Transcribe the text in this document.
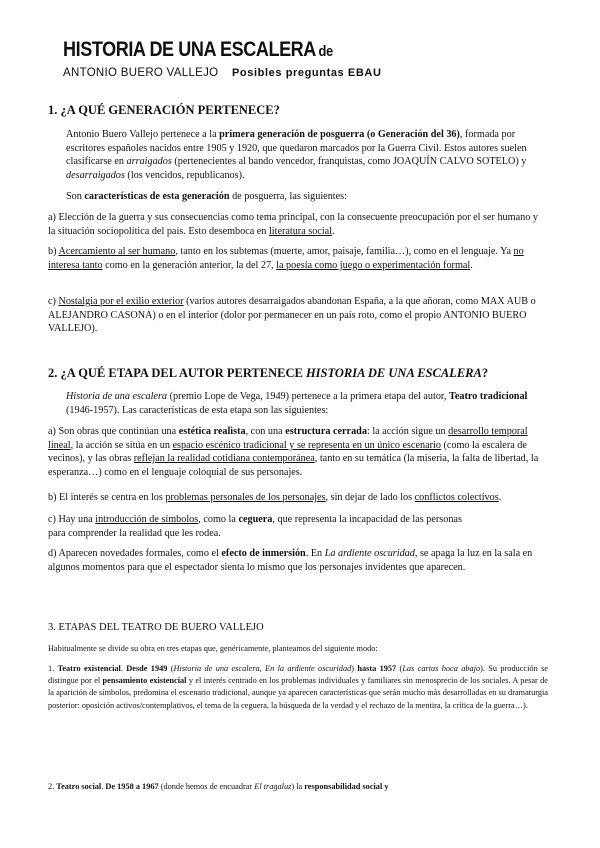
HISTORIA DE UNA ESCALERA de
ANTONIO BUERO VALLEJO Posibles preguntas EBAU
1. ¿A QUÉ GENERACIÓN PERTENECE?
Antonio Buero Vallejo pertenece a la primera generación de posguerra (o Generación del 36), formada por escritores españoles nacidos entre 1905 y 1920, que quedaron marcados por la Guerra Civil. Estos autores suelen clasificarse en arraigados (pertenecientes al bando vencedor, franquistas, como JOAQUÍN CALVO SOTELO) y desarraigados (los vencidos, republicanos).
Son características de esta generación de posguerra, las siguientes:
a) Elección de la guerra y sus consecuencias como tema principal, con la consecuente preocupación por el ser humano y la situación sociopolítica del país. Esto desemboca en literatura social.
b) Acercamiento al ser humano, tanto en los subtemas (muerte, amor, paisaje, familia…), como en el lenguaje. Ya no interesa tanto como en la generación anterior, la del 27, la poesía como juego o experimentación formal.
c) Nostalgia por el exilio exterior (varios autores desarraigados abandonan España, a la que añoran, como MAX AUB o ALEJANDRO CASONA) o en el interior (dolor por permanecer en un país roto, como el propio ANTONIO BUERO VALLEJO).
2. ¿A QUÉ ETAPA DEL AUTOR PERTENECE HISTORIA DE UNA ESCALERA?
Historia de una escalera (premio Lope de Vega, 1949) pertenece a la primera etapa del autor, Teatro tradicional (1946-1957). Las características de esta etapa son las siguientes:
a) Son obras que continúan una estética realista, con una estructura cerrada: la acción sigue un desarrollo temporal lineal, la acción se sitúa en un espacio escénico tradicional y se representa en un único escenario (como la escalera de vecinos), y las obras reflejan la realidad cotidiana contemporánea, tanto en su temática (la miseria, la falta de libertad, la esperanza…) como en el lenguaje coloquial de sus personajes.
b) El interés se centra en los problemas personales de los personajes, sin dejar de lado los conflictos colectivos.
c) Hay una introducción de símbolos, como la ceguera, que representa la incapacidad de las personas para comprender la realidad que les rodea.
d) Aparecen novedades formales, como el efecto de inmersión. En La ardiente oscuridad, se apaga la luz en la sala en algunos momentos para que el espectador sienta lo mismo que los personajes invidentes que aparecen.
3. ETAPAS DEL TEATRO DE BUERO VALLEJO
Habitualmente se divide su obra en tres etapas que, genéricamente, planteamos del siguiente modo:
1. Teatro existencial. Desde 1949 (Historia de una escalera, En la ardiente oscuridad) hasta 1957 (Las cartas boca abajo). Su producción se distingue por el pensamiento existencial y el interés centrado en los problemas individuales y familiares sin menosprecio de los sociales. A pesar de la aparición de símbolos, predomina el escenario tradicional, aunque ya aparecen características que serán mucho más desarrolladas en su dramaturgia posterior: oposición activos/contemplativos, el tema de la ceguera, la búsqueda de la verdad y el rechazo de la mentira, la crítica de la guerra…).
2. Teatro social. De 1958 a 1967 (donde hemos de encuadrar El tragaluz) la responsabilidad social y
